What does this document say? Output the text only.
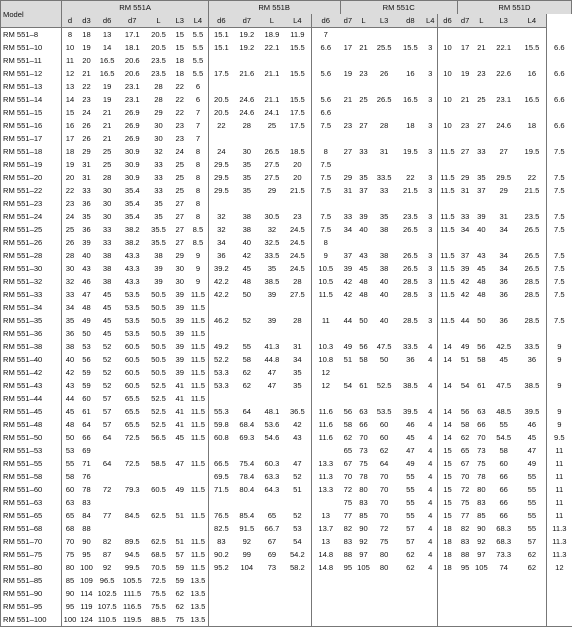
Model	RM 551A							RM 551B					RM 551C						RM 551D				
	d	d3	d6	d7	L	L3	L4	d6	d7	L	L4	d6	d7	L	L3	d8	L4	d6	d7	L	L3	L4	
RM 551–8	8	18	13	17.1	20.5	15	5.5	15.1	19.2	18.9	11.9	7											
RM 551–10	10	19	14	18.1	20.5	15	5.5	15.1	19.2	22.1	15.5	6.6	17	21	25.5	15.5	3	10	17	21	22.1	15.5	6.6
RM 551–11	11	20	16.5	20.6	23.5	18	5.5																
RM 551–12	12	21	16.5	20.6	23.5	18	5.5	17.5	21.6	21.1	15.5	5.6	19	23	26	16	3	10	19	23	22.6	16	6.6
RM 551–13	13	22	19	23.1	28	22	6																
RM 551–14	14	23	19	23.1	28	22	6	20.5	24.6	21.1	15.5	5.6	21	25	26.5	16.5	3	10	21	25	23.1	16.5	6.6
RM 551–15	15	24	21	26.9	29	22	7	20.5	24.6	24.1	17.5	6.6											
RM 551–16	16	26	21	26.9	30	23	7	22	28	25	17.5	7.5	23	27	28	18	3	10	23	27	24.6	18	6.6
RM 551–17	17	26	21	26.9	30	23	7																
RM 551–18	18	29	25	30.9	32	24	8	24	30	26.5	18.5	8	27	33	31	19.5	3	11.5	27	33	27	19.5	7.5
RM 551–19	19	31	25	30.9	33	25	8	29.5	35	27.5	20	7.5											
RM 551–20	20	31	28	30.9	33	25	8	29.5	35	27.5	20	7.5	29	35	33.5	22	3	11.5	29	35	29.5	22	7.5
RM 551–22	22	33	30	35.4	33	25	8	29.5	35	29	21.5	7.5	31	37	33	21.5	3	11.5	31	37	29	21.5	7.5
RM 551–23	23	36	30	35.4	35	27	8																
RM 551–24	24	35	30	35.4	35	27	8	32	38	30.5	23	7.5	33	39	35	23.5	3	11.5	33	39	31	23.5	7.5
RM 551–25	25	36	33	38.2	35.5	27	8.5	32	38	32	24.5	7.5	34	40	38	26.5	3	11.5	34	40	34	26.5	7.5
RM 551–26	26	39	33	38.2	35.5	27	8.5	34	40	32.5	24.5	8											
RM 551–28	28	40	38	43.3	38	29	9	36	42	33.5	24.5	9	37	43	38	26.5	3	11.5	37	43	34	26.5	7.5
RM 551–30	30	43	38	43.3	39	30	9	39.2	45	35	24.5	10.5	39	45	38	26.5	3	11.5	39	45	34	26.5	7.5
RM 551–32	32	46	38	43.3	39	30	9	42.2	48	38.5	28	10.5	42	48	40	28.5	3	11.5	42	48	36	28.5	7.5
RM 551–33	33	47	45	53.5	50.5	39	11.5	42.2	50	39	27.5	11.5	42	48	40	28.5	3	11.5	42	48	36	28.5	7.5
RM 551–34	34	48	45	53.5	50.5	39	11.5																
RM 551–35	35	49	45	53.5	50.5	39	11.5	46.2	52	39	28	11	44	50	40	28.5	3	11.5	44	50	36	28.5	7.5
RM 551–36	36	50	45	53.5	50.5	39	11.5																
RM 551–38	38	53	52	60.5	50.5	39	11.5	49.2	55	41.3	31	10.3	49	56	47.5	33.5	4	14	49	56	42.5	33.5	9
RM 551–40	40	56	52	60.5	50.5	39	11.5	52.2	58	44.8	34	10.8	51	58	50	36	4	14	51	58	45	36	9
RM 551–42	42	59	52	60.5	50.5	39	11.5	53.3	62	47	35	12											
RM 551–43	43	59	52	60.5	52.5	41	11.5	53.3	62	47	35	12	54	61	52.5	38.5	4	14	54	61	47.5	38.5	9
RM 551–44	44	60	57	65.5	52.5	41	11.5																
RM 551–45	45	61	57	65.5	52.5	41	11.5	55.3	64	48.1	36.5	11.6	56	63	53.5	39.5	4	14	56	63	48.5	39.5	9
RM 551–48	48	64	57	65.5	52.5	41	11.5	59.8	68.4	53.6	42	11.6	58	66	60	46	4	14	58	66	55	46	9
RM 551–50	50	66	64	72.5	56.5	45	11.5	60.8	69.3	54.6	43	11.6	62	70	60	45	4	14	62	70	54.5	45	9.5
RM 551–53	53	69											65	73	62	47	4	15	65	73	58	47	11
RM 551–55	55	71	64	72.5	58.5	47	11.5	66.5	75.4	60.3	47	13.3	67	75	64	49	4	15	67	75	60	49	11
RM 551–58	58	76						69.5	78.4	63.3	52	11.3	70	78	70	55	4	15	70	78	66	55	11
RM 551–60	60	78	72	79.3	60.5	49	11.5	71.5	80.4	64.3	51	13.3	72	80	70	55	4	15	72	80	66	55	11
RM 551–63	63	83											75	83	70	55	4	15	75	83	66	55	11
RM 551–65	65	84	77	84.5	62.5	51	11.5	76.5	85.4	65	52	13	77	85	70	55	4	15	77	85	66	55	11
RM 551–68	68	88						82.5	91.5	66.7	53	13.7	82	90	72	57	4	18	82	90	68.3	55	11.3
RM 551–70	70	90	82	89.5	62.5	51	11.5	83	92	67	54	13	83	92	75	57	4	18	83	92	68.3	57	11.3
RM 551–75	75	95	87	94.5	68.5	57	11.5	90.2	99	69	54.2	14.8	88	97	80	62	4	18	88	97	73.3	62	11.3
RM 551–80	80	100	92	99.5	70.5	59	11.5	95.2	104	73	58.2	14.8	95	105	80	62	4	18	95	105	74	62	12
RM 551–85	85	109	96.5	105.5	72.5	59	13.5																
RM 551–90	90	114	102.5	111.5	75.5	62	13.5																
RM 551–95	95	119	107.5	116.5	75.5	62	13.5																
RM 551–100	100	124	110.5	119.5	88.5	75	13.5																
